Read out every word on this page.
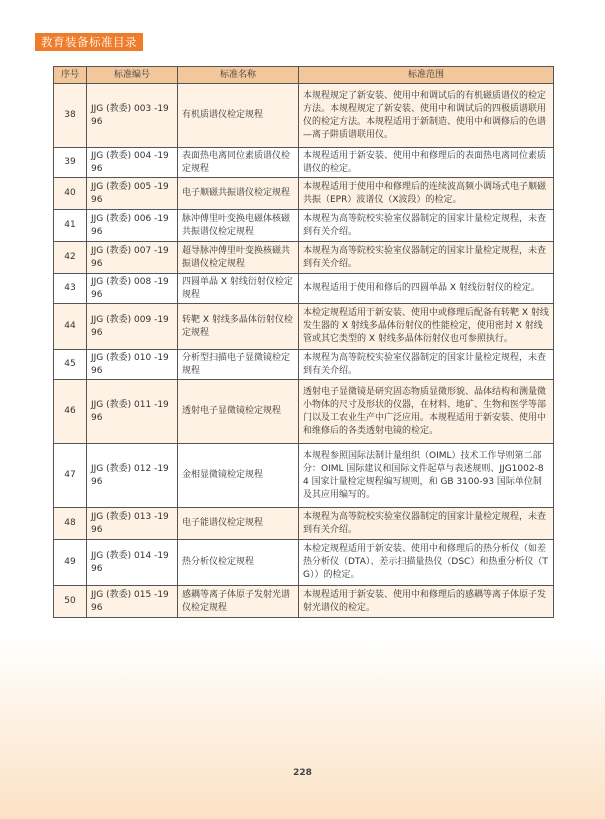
教育装备标准目录
序号	标准编号	标准名称	标准范围
38	JJG (教委) 003 -1996	有机质谱仪检定规程	本规程规定了新安装、使用中和调试后的有机磁质谱仪的检定方法。本规程规定了新安装、使用中和调试后的四极质谱联用仪的检定方法。本规程适用于新制造、使用中和调修后的色谱—离子阱质谱联用仪。
39	JJG (教委) 004 -1996	表面热电离同位素质谱仪检定规程	本规程适用于新安装、使用中和修理后的表面热电离同位素质谱仪的检定。
40	JJG (教委) 005 -1996	电子顺磁共振谱仪检定规程	本规程适用于使用中和修理后的连续波高频小调场式电子顺磁共振（EPR）波谱仪（X波段）的检定。
41	JJG (教委) 006 -1996	脉冲傅里叶变换电磁体核磁共振谱仪检定规程	本规程为高等院校实验室仪器制定的国家计量检定规程，未查到有关介绍。
42	JJG (教委) 007 -1996	超导脉冲傅里叶变换核磁共振谱仪检定规程	本规程为高等院校实验室仪器制定的国家计量检定规程，未查到有关介绍。
43	JJG (教委) 008 -1996	四圆单晶 X 射线衍射仪检定规程	本规程适用于使用和修后的四圆单晶 X 射线衍射仪的检定。
44	JJG (教委) 009 -1996	转靶 X 射线多晶体衍射仪检定规程	本检定规程适用于新安装、使用中或修理后配备有转靶 X 射线发生器的 X 射线多晶体衍射仪的性能检定，使用密封 X 射线管或其它类型的 X 射线多晶体衍射仪也可参照执行。
45	JJG (教委) 010 -1996	分析型扫描电子显微镜检定规程	本规程为高等院校实验室仪器制定的国家计量检定规程，未查到有关介绍。
46	JJG (教委) 011 -1996	透射电子显微镜检定规程	透射电子显微镜是研究固态物质显微形貌、晶体结构和测量微小物体的尺寸及形状的仪器，在材料、地矿、生物和医学等部门以及工农业生产中广泛应用。本规程适用于新安装、使用中和维修后的各类透射电镜的检定。
47	JJG (教委) 012 -1996	金相显微镜检定规程	本规程参照国际法制计量组织（OIML）技术工作导则第二部分：OIML 国际建议和国际文件起草与表述规则、JJG1002-84 国家计量检定规程编写规则，和 GB 3100-93 国际单位制及其应用编写的。
48	JJG (教委) 013 -1996	电子能谱仪检定规程	本规程为高等院校实验室仪器制定的国家计量检定规程，未查到有关介绍。
49	JJG (教委) 014 -1996	热分析仪检定规程	本检定规程适用于新安装、使用中和修理后的热分析仪（如差热分析仪（DTA）、差示扫描量热仪（DSC）和热重分析仪（TG））的检定。
50	JJG (教委) 015 -1996	感耦等离子体原子发射光谱仪检定规程	本规程适用于新安装、使用中和修理后的感耦等离子体原子发射光谱仪的检定。
228
